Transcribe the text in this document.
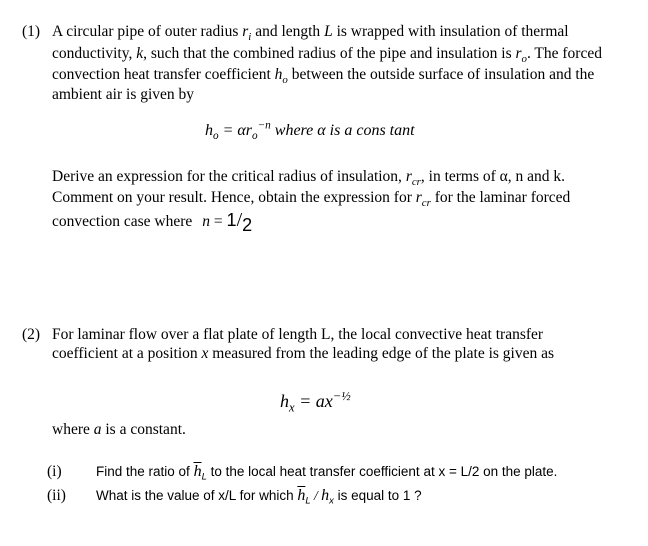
(1) A circular pipe of outer radius $r_i$ and length L is wrapped with insulation of thermal
conductivity, k, such that the combined radius of the pipe and insulation is $r_o$. The forced
convection heat transfer coefficient $h_o$ between the outside surface of insulation and the
ambient air is given by
$h_o = \alpha r_o^{-n}$ where α is a cons tant
Derive an expression for the critical radius of insulation, $r_{cr}$, in terms of α, n and k.
Comment on your result. Hence, obtain the expression for $r_{cr}$ for the laminar forced
convection case where n = 1/2
(2) For laminar flow over a flat plate of length L, the local convective heat transfer
coefficient at a position x measured from the leading edge of the plate is given as
$h_x = ax^{-\frac{1}{2}}$
where a is a constant.
(i)	Find the ratio of $\overline{h}_L$ to the local heat transfer coefficient at x = L/2 on the plate.
(ii) What is the value of x/L for which $\overline{h}_L / h_x$ is equal to 1 ?
